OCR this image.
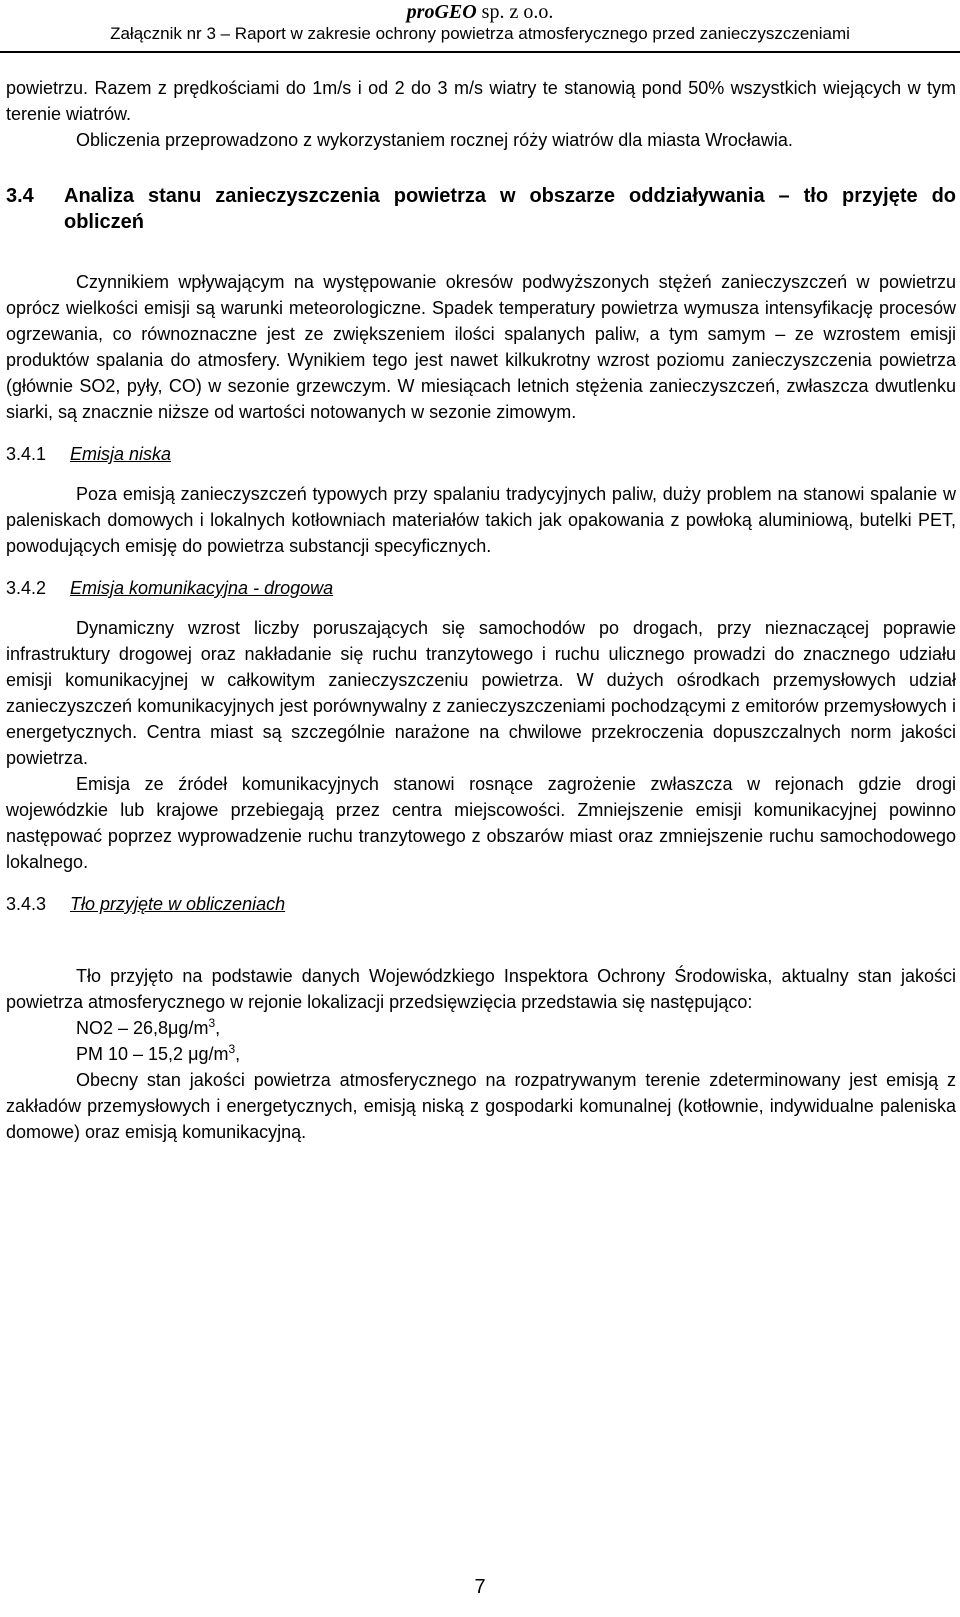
proGEO sp. z o.o.
Załącznik nr 3 – Raport w zakresie ochrony powietrza atmosferycznego przed zanieczyszczeniami

powietrzu. Razem z prędkościami do 1m/s i od 2 do 3 m/s wiatry te stanowią pond 50% wszystkich wiejących w tym terenie wiatrów.

Obliczenia przeprowadzono z wykorzystaniem rocznej róży wiatrów dla miasta Wrocławia.

3.4	Analiza stanu zanieczyszczenia powietrza w obszarze oddziaływania – tło przyjęte do obliczeń

Czynnikiem wpływającym na występowanie okresów podwyższonych stężeń zanieczyszczeń w powietrzu oprócz wielkości emisji są warunki meteorologiczne. Spadek temperatury powietrza wymusza intensyfikację procesów ogrzewania, co równoznaczne jest ze zwiększeniem ilości spalanych paliw, a tym samym – ze wzrostem emisji produktów spalania do atmosfery. Wynikiem tego jest nawet kilkukrotny wzrost poziomu zanieczyszczenia powietrza (głównie SO2, pyły, CO) w sezonie grzewczym. W miesiącach letnich stężenia zanieczyszczeń, zwłaszcza dwutlenku siarki, są znacznie niższe od wartości notowanych w sezonie zimowym.

3.4.1	Emisja niska

Poza emisją zanieczyszczeń typowych przy spalaniu tradycyjnych paliw, duży problem na stanowi spalanie w paleniskach domowych i lokalnych kotłowniach materiałów takich jak opakowania z powłoką aluminiową, butelki PET, powodujących emisję do powietrza substancji specyficznych.

3.4.2	Emisja komunikacyjna - drogowa

Dynamiczny wzrost liczby poruszających się samochodów po drogach, przy nieznaczącej poprawie infrastruktury drogowej oraz nakładanie się ruchu tranzytowego i ruchu ulicznego prowadzi do znacznego udziału emisji komunikacyjnej w całkowitym zanieczyszczeniu powietrza. W dużych ośrodkach przemysłowych udział zanieczyszczeń komunikacyjnych jest porównywalny z zanieczyszczeniami pochodzącymi z emitorów przemysłowych i energetycznych. Centra miast są szczególnie narażone na chwilowe przekroczenia dopuszczalnych norm jakości powietrza.

Emisja ze źródeł komunikacyjnych stanowi rosnące zagrożenie zwłaszcza w rejonach gdzie drogi wojewódzkie lub krajowe przebiegają przez centra miejscowości. Zmniejszenie emisji komunikacyjnej powinno następować poprzez wyprowadzenie ruchu tranzytowego z obszarów miast oraz zmniejszenie ruchu samochodowego lokalnego.

3.4.3	Tło przyjęte w obliczeniach

Tło przyjęto na podstawie danych Wojewódzkiego Inspektora Ochrony Środowiska, aktualny stan jakości powietrza atmosferycznego w rejonie lokalizacji przedsięwzięcia przedstawia się następująco:

$NO2 - 26,8\mu g/m^3$,
PM 10 – 15,2 $\mu g/m^3$,

Obecny stan jakości powietrza atmosferycznego na rozpatrywanym terenie zdeterminowany jest emisją z zakładów przemysłowych i energetycznych, emisją niską z gospodarki komunalnej (kotłownie, indywidualne paleniska domowe) oraz emisją komunikacyjną.

7
